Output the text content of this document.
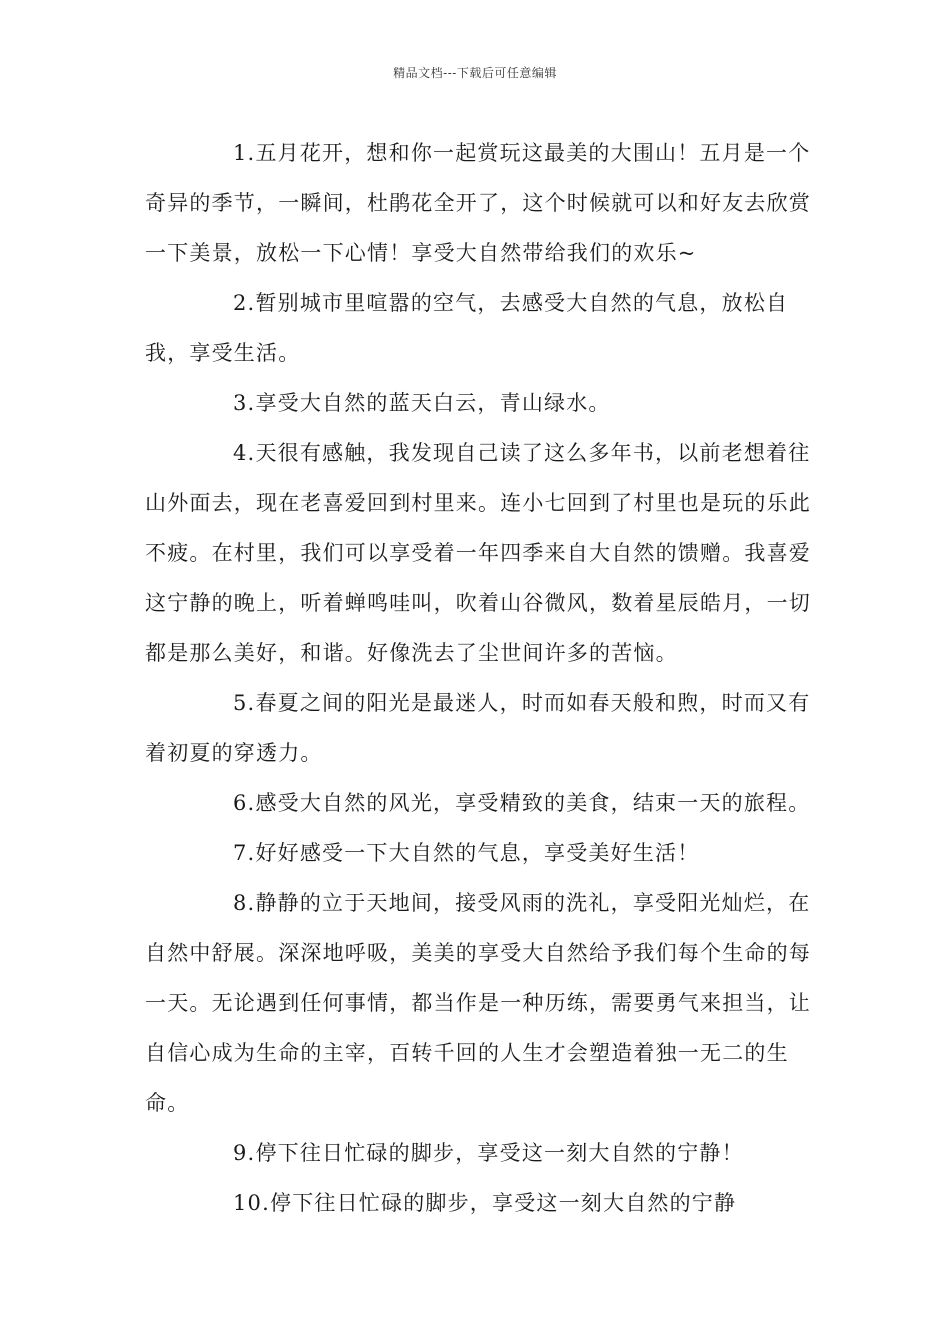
精品文档---下载后可任意编辑

1.五月花开，想和你一起赏玩这最美的大围山！五月是一个奇异的季节，一瞬间，杜鹃花全开了，这个时候就可以和好友去欣赏一下美景，放松一下心情！享受大自然带给我们的欢乐~

2.暂别城市里喧嚣的空气，去感受大自然的气息，放松自我，享受生活。

3.享受大自然的蓝天白云，青山绿水。

4.天很有感触，我发现自己读了这么多年书，以前老想着往山外面去，现在老喜爱回到村里来。连小七回到了村里也是玩的乐此不疲。在村里，我们可以享受着一年四季来自大自然的馈赠。我喜爱这宁静的晚上，听着蝉鸣哇叫，吹着山谷微风，数着星辰皓月，一切都是那么美好，和谐。好像洗去了尘世间许多的苦恼。

5.春夏之间的阳光是最迷人，时而如春天般和煦，时而又有着初夏的穿透力。

6.感受大自然的风光，享受精致的美食，结束一天的旅程。

7.好好感受一下大自然的气息，享受美好生活！

8.静静的立于天地间，接受风雨的洗礼，享受阳光灿烂，在自然中舒展。深深地呼吸，美美的享受大自然给予我们每个生命的每一天。无论遇到任何事情，都当作是一种历练，需要勇气来担当，让自信心成为生命的主宰，百转千回的人生才会塑造着独一无二的生命。

9.停下往日忙碌的脚步，享受这一刻大自然的宁静！

10.停下往日忙碌的脚步，享受这一刻大自然的宁静
